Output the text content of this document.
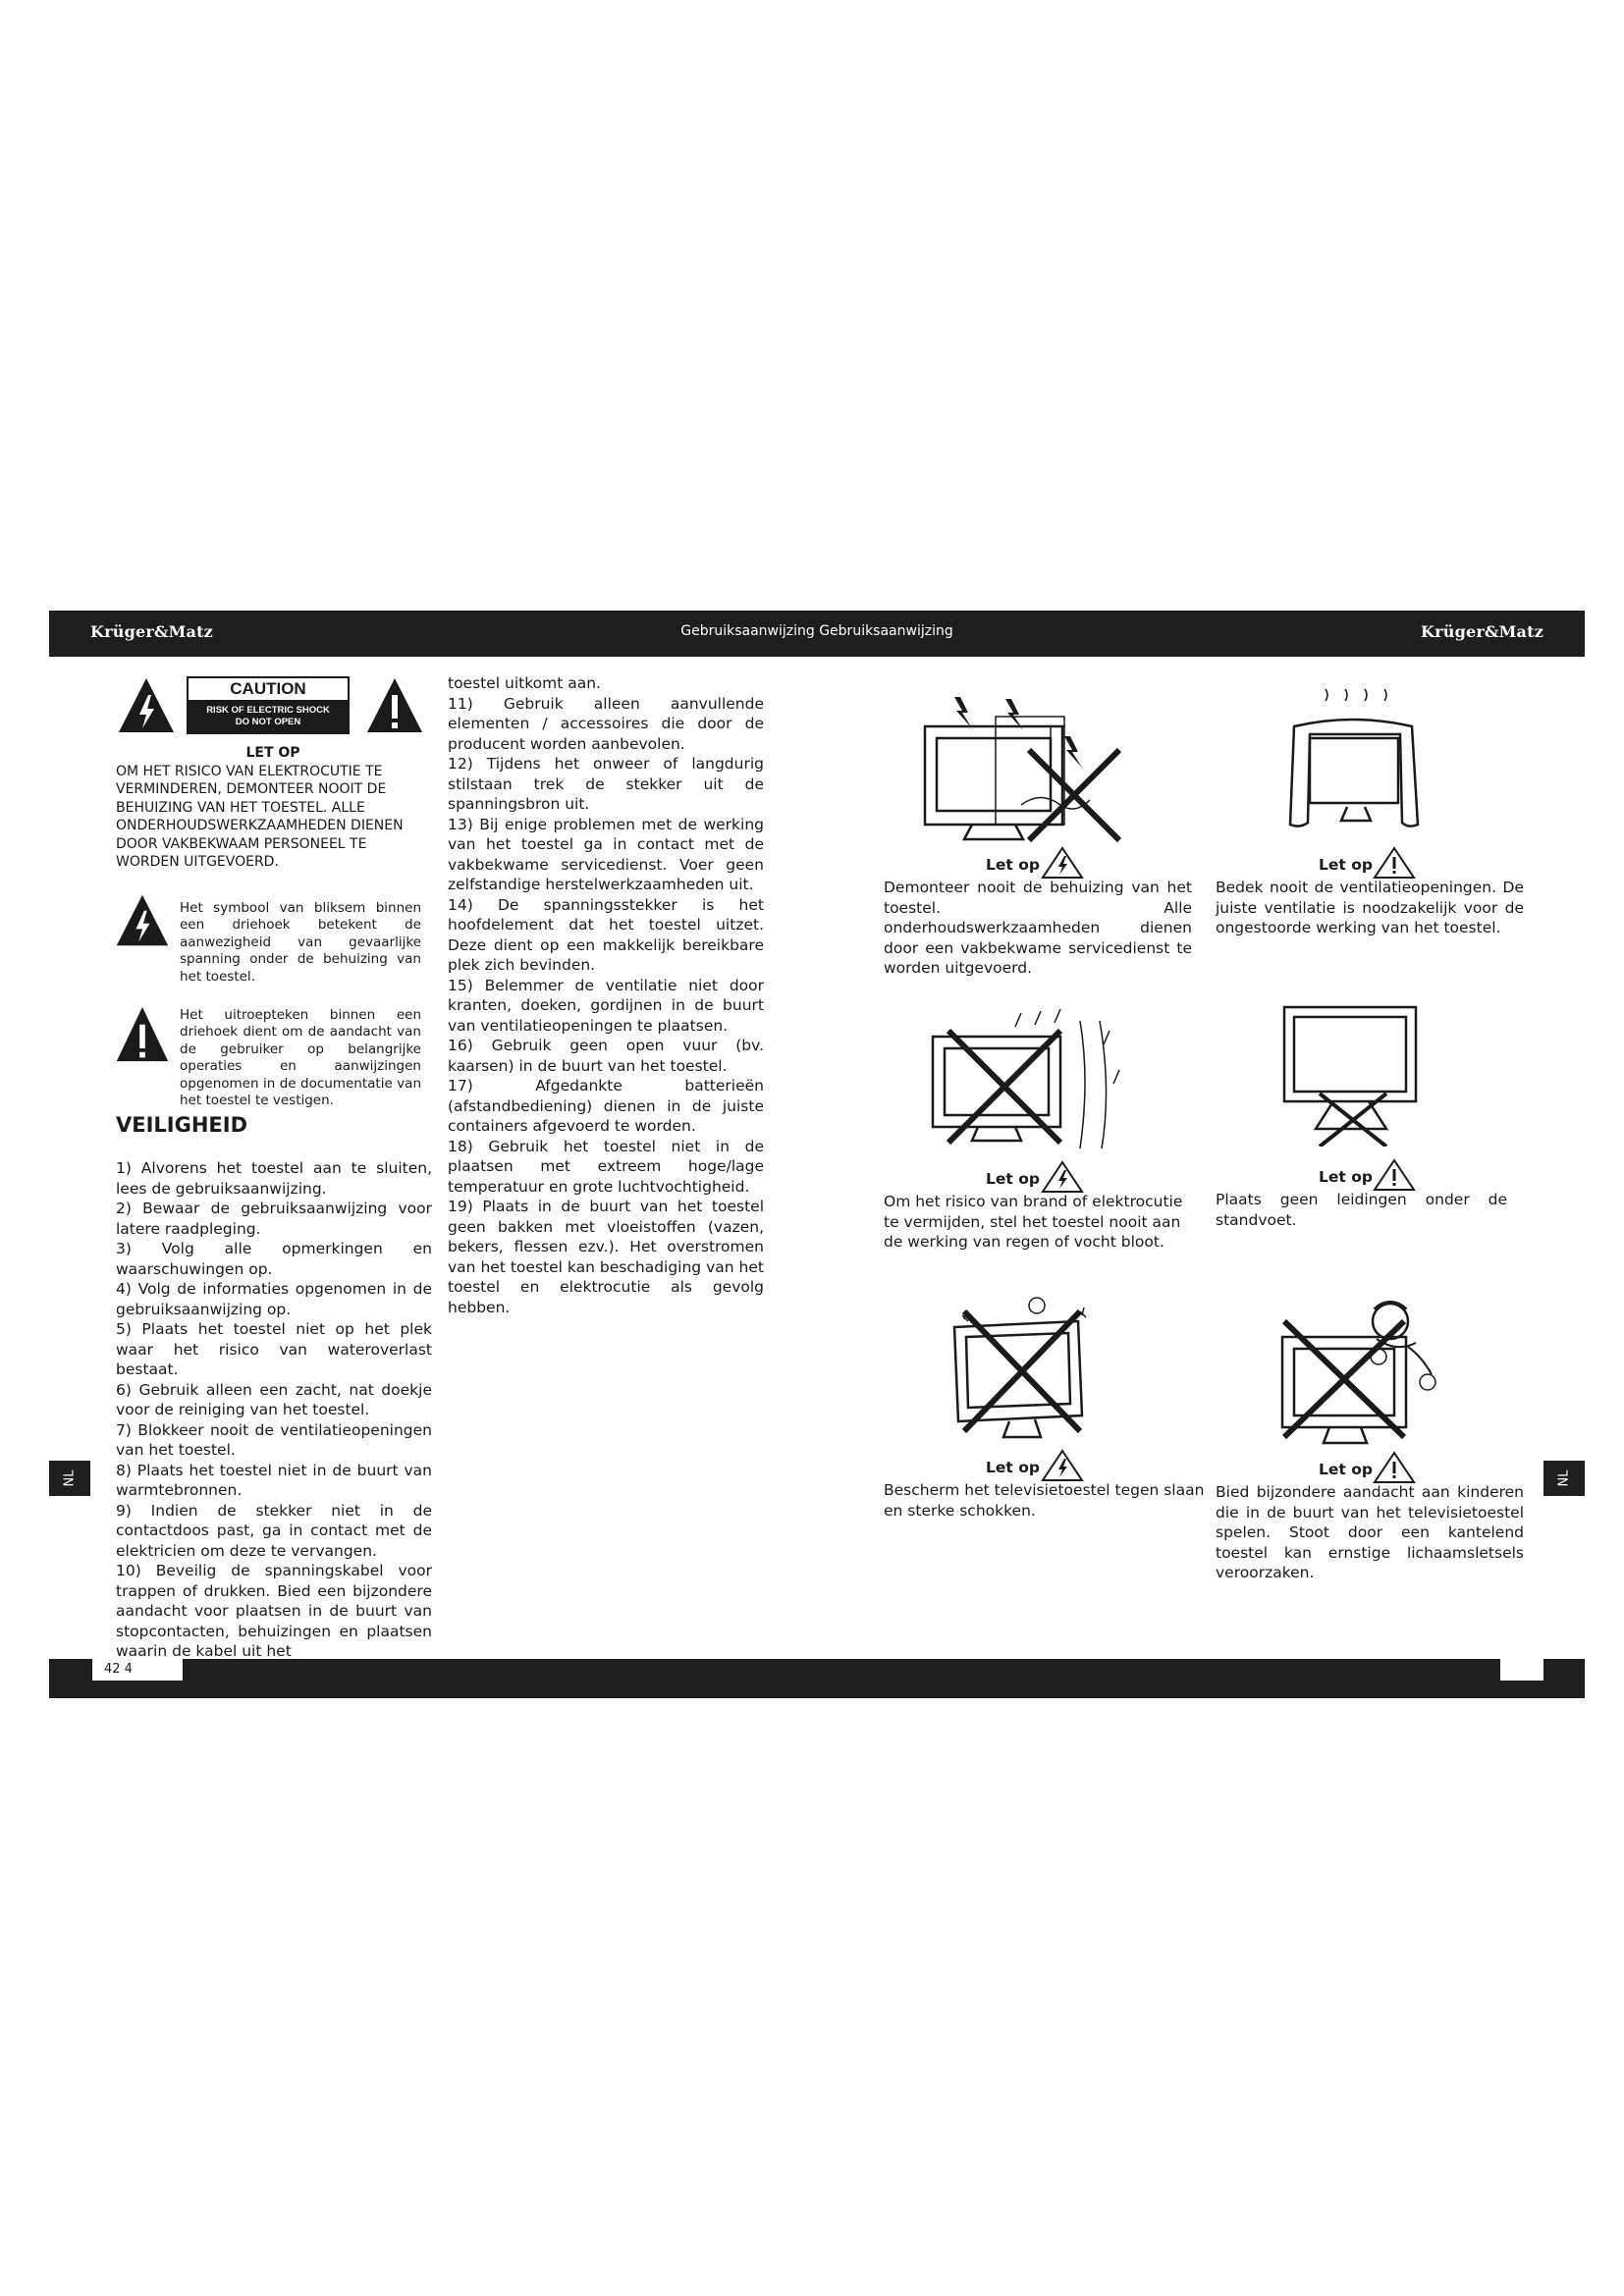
Krüger&Matz	Gebruiksaanwijzing Gebruiksaanwijzing	Krüger&Matz
NL	NL
42 4
CAUTION
RISK OF ELECTRIC SHOCK
DO NOT OPEN
LET OP
OM HET RISICO VAN ELEKTROCUTIE TE
VERMINDEREN, DEMONTEER NOOIT DE
BEHUIZING VAN HET TOESTEL. ALLE
ONDERHOUDSWERKZAAMHEDEN DIENEN
DOOR VAKBEKWAAM PERSONEEL TE
WORDEN UITGEVOERD.

Het symbool van bliksem binnen een driehoek betekent de aanwezigheid van gevaarlijke spanning onder de behuizing van het toestel.

Het uitroepteken binnen een driehoek dient om de aandacht van de gebruiker op belangrijke operaties en aanwijzingen opgenomen in de documentatie van het toestel te vestigen.

VEILIGHEID

1) Alvorens het toestel aan te sluiten, lees de gebruiksaanwijzing.

2) Bewaar de gebruiksaanwijzing voor latere raadpleging.

3) Volg alle opmerkingen en waarschuwingen op.

4) Volg de informaties opgenomen in de gebruiksaanwijzing op.

5) Plaats het toestel niet op het plek waar het risico van wateroverlast bestaat.

6) Gebruik alleen een zacht, nat doekje voor de reiniging van het toestel.

7) Blokkeer nooit de ventilatieopeningen van het toestel.

8) Plaats het toestel niet in de buurt van warmtebronnen.

9) Indien de stekker niet in de contactdoos past, ga in contact met de elektricien om deze te vervangen.

10) Beveilig de spanningskabel voor trappen of drukken. Bied een bijzondere aandacht voor plaatsen in de buurt van stopcontacten, behuizingen en plaatsen waarin de kabel uit het

toestel uitkomt aan.

11) Gebruik alleen aanvullende elementen / accessoires die door de producent worden aanbevolen.

12) Tijdens het onweer of langdurig stilstaan trek de stekker uit de spanningsbron uit.

13) Bij enige problemen met de werking van het toestel ga in contact met de vakbekwame servicedienst. Voer geen zelfstandige herstelwerkzaamheden uit.

14) De spanningsstekker is het hoofdelement dat het toestel uitzet. Deze dient op een makkelijk bereikbare plek zich bevinden.

15) Belemmer de ventilatie niet door kranten, doeken, gordijnen in de buurt van ventilatieopeningen te plaatsen.

16) Gebruik geen open vuur (bv. kaarsen) in de buurt van het toestel.

17) Afgedankte batterieën (afstandbediening) dienen in de juiste containers afgevoerd te worden.

18) Gebruik het toestel niet in de plaatsen met extreem hoge/lage temperatuur en grote luchtvochtigheid.

19) Plaats in de buurt van het toestel geen bakken met vloeistoffen (vazen, bekers, flessen ezv.). Het overstromen van het toestel kan beschadiging van het toestel en elektrocutie als gevolg hebben.

Let op

Demonteer nooit de behuizing van het toestel. Alle onderhoudswerkzaamheden dienen door een vakbekwame servicedienst te worden uitgevoerd.

Let op

Bedek nooit de ventilatieopeningen. De juiste ventilatie is noodzakelijk voor de ongestoorde werking van het toestel.

Let op

Om het risico van brand of elektrocutie te vermijden, stel het toestel nooit aan de werking van regen of vocht bloot.

Let op

Plaats geen leidingen onder de standvoet.

Let op

Bescherm het televisietoestel tegen slaan en sterke schokken.

Let op

Bied bijzondere aandacht aan kinderen die in de buurt van het televisietoestel spelen. Stoot door een kantelend toestel kan ernstige lichaamsletsels veroorzaken.
